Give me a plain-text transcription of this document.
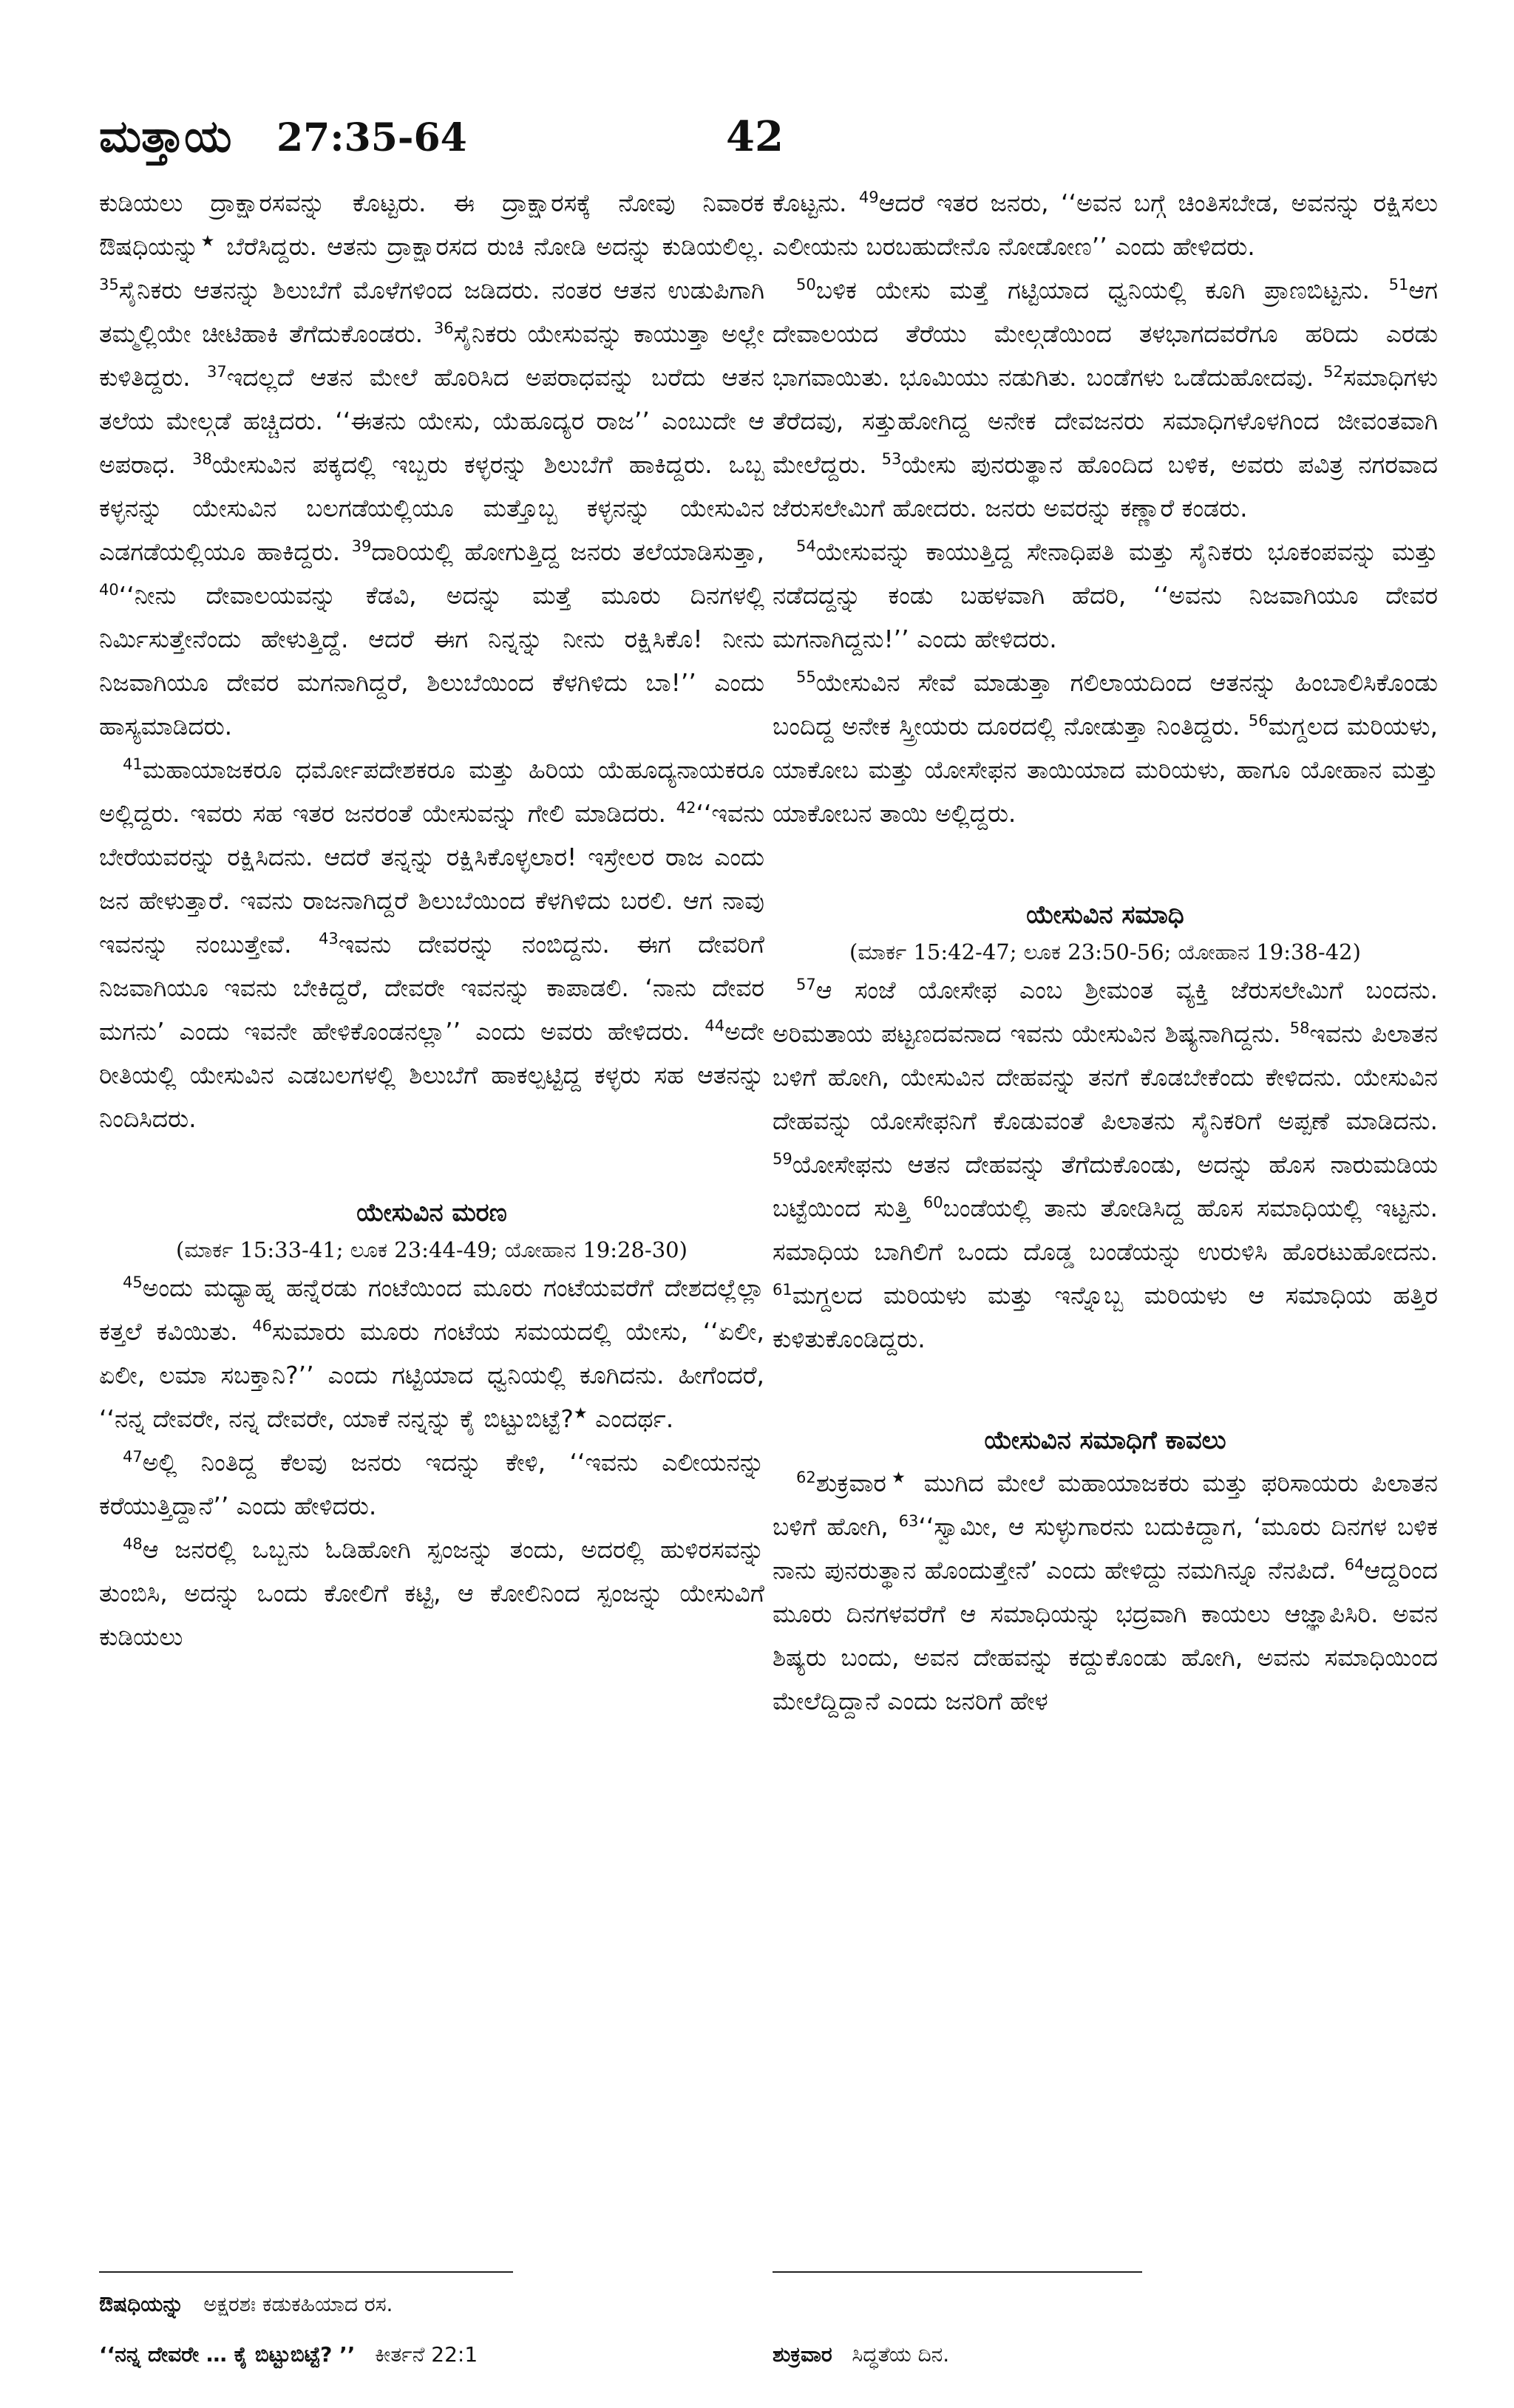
ಮತ್ತಾಯ 27:35-64	42

ಕುಡಿಯಲು ದ್ರಾಕ್ಷಾರಸವನ್ನು ಕೊಟ್ಟರು. ಈ ದ್ರಾಕ್ಷಾರಸಕ್ಕೆ ನೋವು ನಿವಾರಕ ಔಷಧಿಯನ್ನು★ ಬೆರೆಸಿದ್ದರು. ಆತನು ದ್ರಾಕ್ಷಾರಸದ ರುಚಿ ನೋಡಿ ಅದನ್ನು ಕುಡಿಯಲಿಲ್ಲ. $^{35}$ಸೈನಿಕರು ಆತನನ್ನು ಶಿಲುಬೆಗೆ ಮೊಳೆಗಳಿಂದ ಜಡಿದರು. ನಂತರ ಆತನ ಉಡುಪಿಗಾಗಿ ತಮ್ಮಲ್ಲಿಯೇ ಚೀಟಿಹಾಕಿ ತೆಗೆದುಕೊಂಡರು. $^{36}$ಸೈನಿಕರು ಯೇಸುವನ್ನು ಕಾಯುತ್ತಾ ಅಲ್ಲೇ ಕುಳಿತಿದ್ದರು. $^{37}$ಇದಲ್ಲದೆ ಆತನ ಮೇಲೆ ಹೊರಿಸಿದ ಅಪರಾಧವನ್ನು ಬರೆದು ಆತನ ತಲೆಯ ಮೇಲ್ಗಡೆ ಹಚ್ಚಿದರು. ‘‘ಈತನು ಯೇಸು, ಯೆಹೂದ್ಯರ ರಾಜ’’ ಎಂಬುದೇ ಆ ಅಪರಾಧ. $^{38}$ಯೇಸುವಿನ ಪಕ್ಕದಲ್ಲಿ ಇಬ್ಬರು ಕಳ್ಳರನ್ನು ಶಿಲುಬೆಗೆ ಹಾಕಿದ್ದರು. ಒಬ್ಬ ಕಳ್ಳನನ್ನು ಯೇಸುವಿನ ಬಲಗಡೆಯಲ್ಲಿಯೂ ಮತ್ತೊಬ್ಬ ಕಳ್ಳನನ್ನು ಯೇಸುವಿನ ಎಡಗಡೆಯಲ್ಲಿಯೂ ಹಾಕಿದ್ದರು. $^{39}$ದಾರಿಯಲ್ಲಿ ಹೋಗುತ್ತಿದ್ದ ಜನರು ತಲೆಯಾಡಿಸುತ್ತಾ, $^{40}$‘‘ನೀನು ದೇವಾಲಯವನ್ನು ಕೆಡವಿ, ಅದನ್ನು ಮತ್ತೆ ಮೂರು ದಿನಗಳಲ್ಲಿ ನಿರ್ಮಿಸುತ್ತೇನೆಂದು ಹೇಳುತ್ತಿದ್ದೆ. ಆದರೆ ಈಗ ನಿನ್ನನ್ನು ನೀನು ರಕ್ಷಿಸಿಕೊ! ನೀನು ನಿಜವಾಗಿಯೂ ದೇವರ ಮಗನಾಗಿದ್ದರೆ, ಶಿಲುಬೆಯಿಂದ ಕೆಳಗಿಳಿದು ಬಾ!’’ ಎಂದು ಹಾಸ್ಯಮಾಡಿದರು.

$^{41}$ಮಹಾಯಾಜಕರೂ ಧರ್ಮೋಪದೇಶಕರೂ ಮತ್ತು ಹಿರಿಯ ಯೆಹೂದ್ಯನಾಯಕರೂ ಅಲ್ಲಿದ್ದರು. ಇವರು ಸಹ ಇತರ ಜನರಂತೆ ಯೇಸುವನ್ನು ಗೇಲಿ ಮಾಡಿದರು. $^{42}$‘‘ಇವನು ಬೇರೆಯವರನ್ನು ರಕ್ಷಿಸಿದನು. ಆದರೆ ತನ್ನನ್ನು ರಕ್ಷಿಸಿಕೊಳ್ಳಲಾರ! ಇಸ್ರೇಲರ ರಾಜ ಎಂದು ಜನ ಹೇಳುತ್ತಾರೆ. ಇವನು ರಾಜನಾಗಿದ್ದರೆ ಶಿಲುಬೆಯಿಂದ ಕೆಳಗಿಳಿದು ಬರಲಿ. ಆಗ ನಾವು ಇವನನ್ನು ನಂಬುತ್ತೇವೆ. $^{43}$ಇವನು ದೇವರನ್ನು ನಂಬಿದ್ದನು. ಈಗ ದೇವರಿಗೆ ನಿಜವಾಗಿಯೂ ಇವನು ಬೇಕಿದ್ದರೆ, ದೇವರೇ ಇವನನ್ನು ಕಾಪಾಡಲಿ. ‘ನಾನು ದೇವರ ಮಗನು’ ಎಂದು ಇವನೇ ಹೇಳಿಕೊಂಡನಲ್ಲಾ’’ ಎಂದು ಅವರು ಹೇಳಿದರು. $^{44}$ಅದೇ ರೀತಿಯಲ್ಲಿ ಯೇಸುವಿನ ಎಡಬಲಗಳಲ್ಲಿ ಶಿಲುಬೆಗೆ ಹಾಕಲ್ಪಟ್ಟಿದ್ದ ಕಳ್ಳರು ಸಹ ಆತನನ್ನು ನಿಂದಿಸಿದರು.

ಯೇಸುವಿನ ಮರಣ

(ಮಾರ್ಕ 15:33-41; ಲೂಕ 23:44-49; ಯೋಹಾನ 19:28-30)

$^{45}$ಅಂದು ಮಧ್ಯಾಹ್ನ ಹನ್ನೆರಡು ಗಂಟೆಯಿಂದ ಮೂರು ಗಂಟೆಯವರೆಗೆ ದೇಶದಲ್ಲೆಲ್ಲಾ ಕತ್ತಲೆ ಕವಿಯಿತು. $^{46}$ಸುಮಾರು ಮೂರು ಗಂಟೆಯ ಸಮಯದಲ್ಲಿ ಯೇಸು, ‘‘ಏಲೀ, ಏಲೀ, ಲಮಾ ಸಬಕ್ತಾನಿ?’’ ಎಂದು ಗಟ್ಟಿಯಾದ ಧ್ವನಿಯಲ್ಲಿ ಕೂಗಿದನು. ಹೀಗೆಂದರೆ, ‘‘ನನ್ನ ದೇವರೇ, ನನ್ನ ದೇವರೇ, ಯಾಕೆ ನನ್ನನ್ನು ಕೈ ಬಿಟ್ಟುಬಿಟ್ಟೆ?★ ಎಂದರ್ಥ.

$^{47}$ಅಲ್ಲಿ ನಿಂತಿದ್ದ ಕೆಲವು ಜನರು ಇದನ್ನು ಕೇಳಿ, ‘‘ಇವನು ಎಲೀಯನನ್ನು ಕರೆಯುತ್ತಿದ್ದಾನೆ’’ ಎಂದು ಹೇಳಿದರು.

$^{48}$ಆ ಜನರಲ್ಲಿ ಒಬ್ಬನು ಓಡಿಹೋಗಿ ಸ್ಪಂಜನ್ನು ತಂದು, ಅದರಲ್ಲಿ ಹುಳಿರಸವನ್ನು ತುಂಬಿಸಿ, ಅದನ್ನು ಒಂದು ಕೋಲಿಗೆ ಕಟ್ಟಿ, ಆ ಕೋಲಿನಿಂದ ಸ್ಪಂಜನ್ನು ಯೇಸುವಿಗೆ ಕುಡಿಯಲು

ಕೊಟ್ಟನು. $^{49}$ಆದರೆ ಇತರ ಜನರು, ‘‘ಅವನ ಬಗ್ಗೆ ಚಿಂತಿಸಬೇಡ, ಅವನನ್ನು ರಕ್ಷಿಸಲು ಎಲೀಯನು ಬರಬಹುದೇನೊ ನೋಡೋಣ’’ ಎಂದು ಹೇಳಿದರು.

$^{50}$ಬಳಿಕ ಯೇಸು ಮತ್ತೆ ಗಟ್ಟಿಯಾದ ಧ್ವನಿಯಲ್ಲಿ ಕೂಗಿ ಪ್ರಾಣಬಿಟ್ಟನು. $^{51}$ಆಗ ದೇವಾಲಯದ ತೆರೆಯು ಮೇಲ್ಗಡೆಯಿಂದ ತಳಭಾಗದವರೆಗೂ ಹರಿದು ಎರಡು ಭಾಗವಾಯಿತು. ಭೂಮಿಯು ನಡುಗಿತು. ಬಂಡೆಗಳು ಒಡೆದುಹೋದವು. $^{52}$ಸಮಾಧಿಗಳು ತೆರೆದವು, ಸತ್ತುಹೋಗಿದ್ದ ಅನೇಕ ದೇವಜನರು ಸಮಾಧಿಗಳೊಳಗಿಂದ ಜೀವಂತವಾಗಿ ಮೇಲೆದ್ದರು. $^{53}$ಯೇಸು ಪುನರುತ್ಥಾನ ಹೊಂದಿದ ಬಳಿಕ, ಅವರು ಪವಿತ್ರ ನಗರವಾದ ಜೆರುಸಲೇಮಿಗೆ ಹೋದರು. ಜನರು ಅವರನ್ನು ಕಣ್ಣಾರೆ ಕಂಡರು.

$^{54}$ಯೇಸುವನ್ನು ಕಾಯುತ್ತಿದ್ದ ಸೇನಾಧಿಪತಿ ಮತ್ತು ಸೈನಿಕರು ಭೂಕಂಪವನ್ನು ಮತ್ತು ನಡೆದದ್ದನ್ನು ಕಂಡು ಬಹಳವಾಗಿ ಹೆದರಿ, ‘‘ಅವನು ನಿಜವಾಗಿಯೂ ದೇವರ ಮಗನಾಗಿದ್ದನು!’’ ಎಂದು ಹೇಳಿದರು.

$^{55}$ಯೇಸುವಿನ ಸೇವೆ ಮಾಡುತ್ತಾ ಗಲಿಲಾಯದಿಂದ ಆತನನ್ನು ಹಿಂಬಾಲಿಸಿಕೊಂಡು ಬಂದಿದ್ದ ಅನೇಕ ಸ್ತ್ರೀಯರು ದೂರದಲ್ಲಿ ನೋಡುತ್ತಾ ನಿಂತಿದ್ದರು. $^{56}$ಮಗ್ದಲದ ಮರಿಯಳು, ಯಾಕೋಬ ಮತ್ತು ಯೋಸೇಫನ ತಾಯಿಯಾದ ಮರಿಯಳು, ಹಾಗೂ ಯೋಹಾನ ಮತ್ತು ಯಾಕೋಬನ ತಾಯಿ ಅಲ್ಲಿದ್ದರು.

ಯೇಸುವಿನ ಸಮಾಧಿ

(ಮಾರ್ಕ 15:42-47; ಲೂಕ 23:50-56; ಯೋಹಾನ 19:38-42)

$^{57}$ಆ ಸಂಜೆ ಯೋಸೇಫ ಎಂಬ ಶ್ರೀಮಂತ ವ್ಯಕ್ತಿ ಜೆರುಸಲೇಮಿಗೆ ಬಂದನು. ಅರಿಮತಾಯ ಪಟ್ಟಣದವನಾದ ಇವನು ಯೇಸುವಿನ ಶಿಷ್ಯನಾಗಿದ್ದನು. $^{58}$ಇವನು ಪಿಲಾತನ ಬಳಿಗೆ ಹೋಗಿ, ಯೇಸುವಿನ ದೇಹವನ್ನು ತನಗೆ ಕೊಡಬೇಕೆಂದು ಕೇಳಿದನು. ಯೇಸುವಿನ ದೇಹವನ್ನು ಯೋಸೇಫನಿಗೆ ಕೊಡುವಂತೆ ಪಿಲಾತನು ಸೈನಿಕರಿಗೆ ಅಪ್ಪಣೆ ಮಾಡಿದನು. $^{59}$ಯೋಸೇಫನು ಆತನ ದೇಹವನ್ನು ತೆಗೆದುಕೊಂಡು, ಅದನ್ನು ಹೊಸ ನಾರುಮಡಿಯ ಬಟ್ಟೆಯಿಂದ ಸುತ್ತಿ $^{60}$ಬಂಡೆಯಲ್ಲಿ ತಾನು ತೋಡಿಸಿದ್ದ ಹೊಸ ಸಮಾಧಿಯಲ್ಲಿ ಇಟ್ಟನು. ಸಮಾಧಿಯ ಬಾಗಿಲಿಗೆ ಒಂದು ದೊಡ್ಡ ಬಂಡೆಯನ್ನು ಉರುಳಿಸಿ ಹೊರಟುಹೋದನು. $^{61}$ಮಗ್ದಲದ ಮರಿಯಳು ಮತ್ತು ಇನ್ನೊಬ್ಬ ಮರಿಯಳು ಆ ಸಮಾಧಿಯ ಹತ್ತಿರ ಕುಳಿತುಕೊಂಡಿದ್ದರು.

ಯೇಸುವಿನ ಸಮಾಧಿಗೆ ಕಾವಲು

$^{62}$ಶುಕ್ರವಾರ★ ಮುಗಿದ ಮೇಲೆ ಮಹಾಯಾಜಕರು ಮತ್ತು ಫರಿಸಾಯರು ಪಿಲಾತನ ಬಳಿಗೆ ಹೋಗಿ, $^{63}$‘‘ಸ್ವಾಮೀ, ಆ ಸುಳ್ಳುಗಾರನು ಬದುಕಿದ್ದಾಗ, ‘ಮೂರು ದಿನಗಳ ಬಳಿಕ ನಾನು ಪುನರುತ್ಥಾನ ಹೊಂದುತ್ತೇನೆ’ ಎಂದು ಹೇಳಿದ್ದು ನಮಗಿನ್ನೂ ನೆನಪಿದೆ. $^{64}$ಆದ್ದರಿಂದ ಮೂರು ದಿನಗಳವರೆಗೆ ಆ ಸಮಾಧಿಯನ್ನು ಭದ್ರವಾಗಿ ಕಾಯಲು ಆಜ್ಞಾಪಿಸಿರಿ. ಅವನ ಶಿಷ್ಯರು ಬಂದು, ಅವನ ದೇಹವನ್ನು ಕದ್ದುಕೊಂಡು ಹೋಗಿ, ಅವನು ಸಮಾಧಿಯಿಂದ ಮೇಲೆದ್ದಿದ್ದಾನೆ ಎಂದು ಜನರಿಗೆ ಹೇಳ

ಔಷಧಿಯನ್ನು ಅಕ್ಷರಶಃ ಕಡುಕಹಿಯಾದ ರಸ.
‘‘ನನ್ನ ದೇವರೇ … ಕೈ ಬಿಟ್ಟುಬಿಟ್ಟೆ? ’’ ಕೀರ್ತನೆ 22:1	ಶುಕ್ರವಾರ ಸಿದ್ಧತೆಯ ದಿನ.
